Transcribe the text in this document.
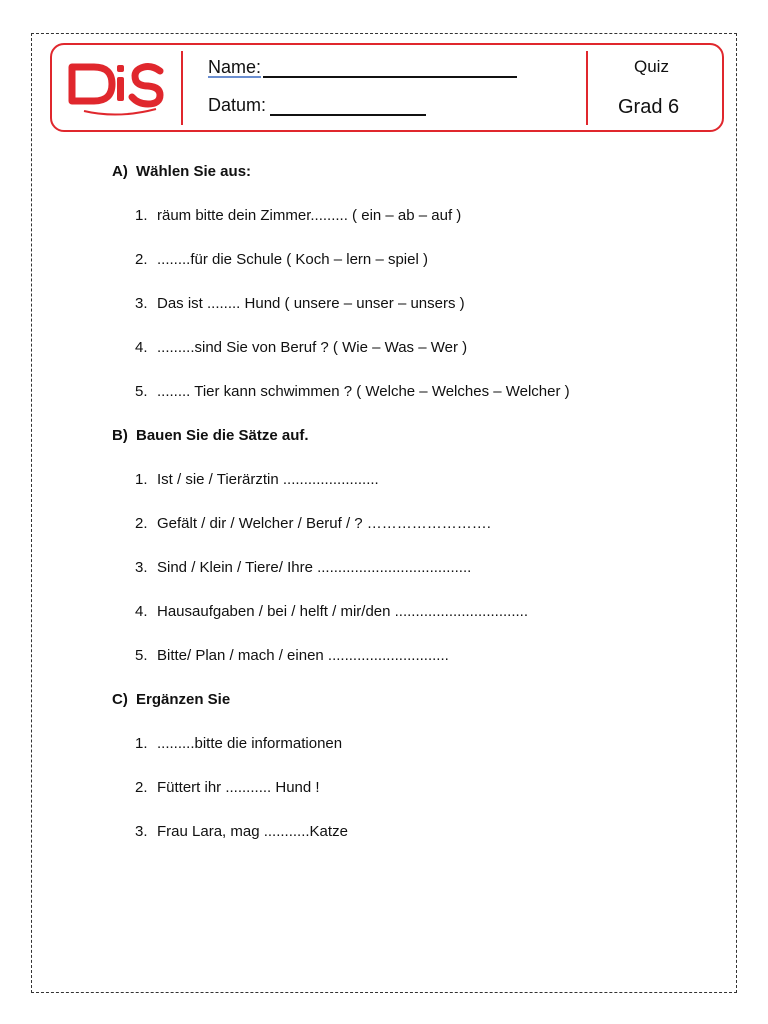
Name:
Datum:
Quiz
Grad 6
A) Wählen Sie aus:
1. räum bitte dein Zimmer......... ( ein – ab – auf )
2. ........für die Schule ( Koch – lern – spiel )
3. Das ist ........ Hund ( unsere – unser – unsers )
4. .........sind Sie von Beruf ? ( Wie – Was – Wer )
5. ........ Tier kann schwimmen ? ( Welche – Welches – Welcher )
B) Bauen Sie die Sätze auf.
1. Ist / sie / Tierärztin .......................
2. Gefält / dir / Welcher / Beruf / ? …………………….
3. Sind / Klein / Tiere/ Ihre .....................................
4. Hausaufgaben / bei / helft / mir/den ................................
5. Bitte/ Plan / mach / einen .............................
C) Ergänzen Sie
1. .........bitte die informationen
2. Füttert ihr ........... Hund !
3. Frau Lara, mag ...........Katze
